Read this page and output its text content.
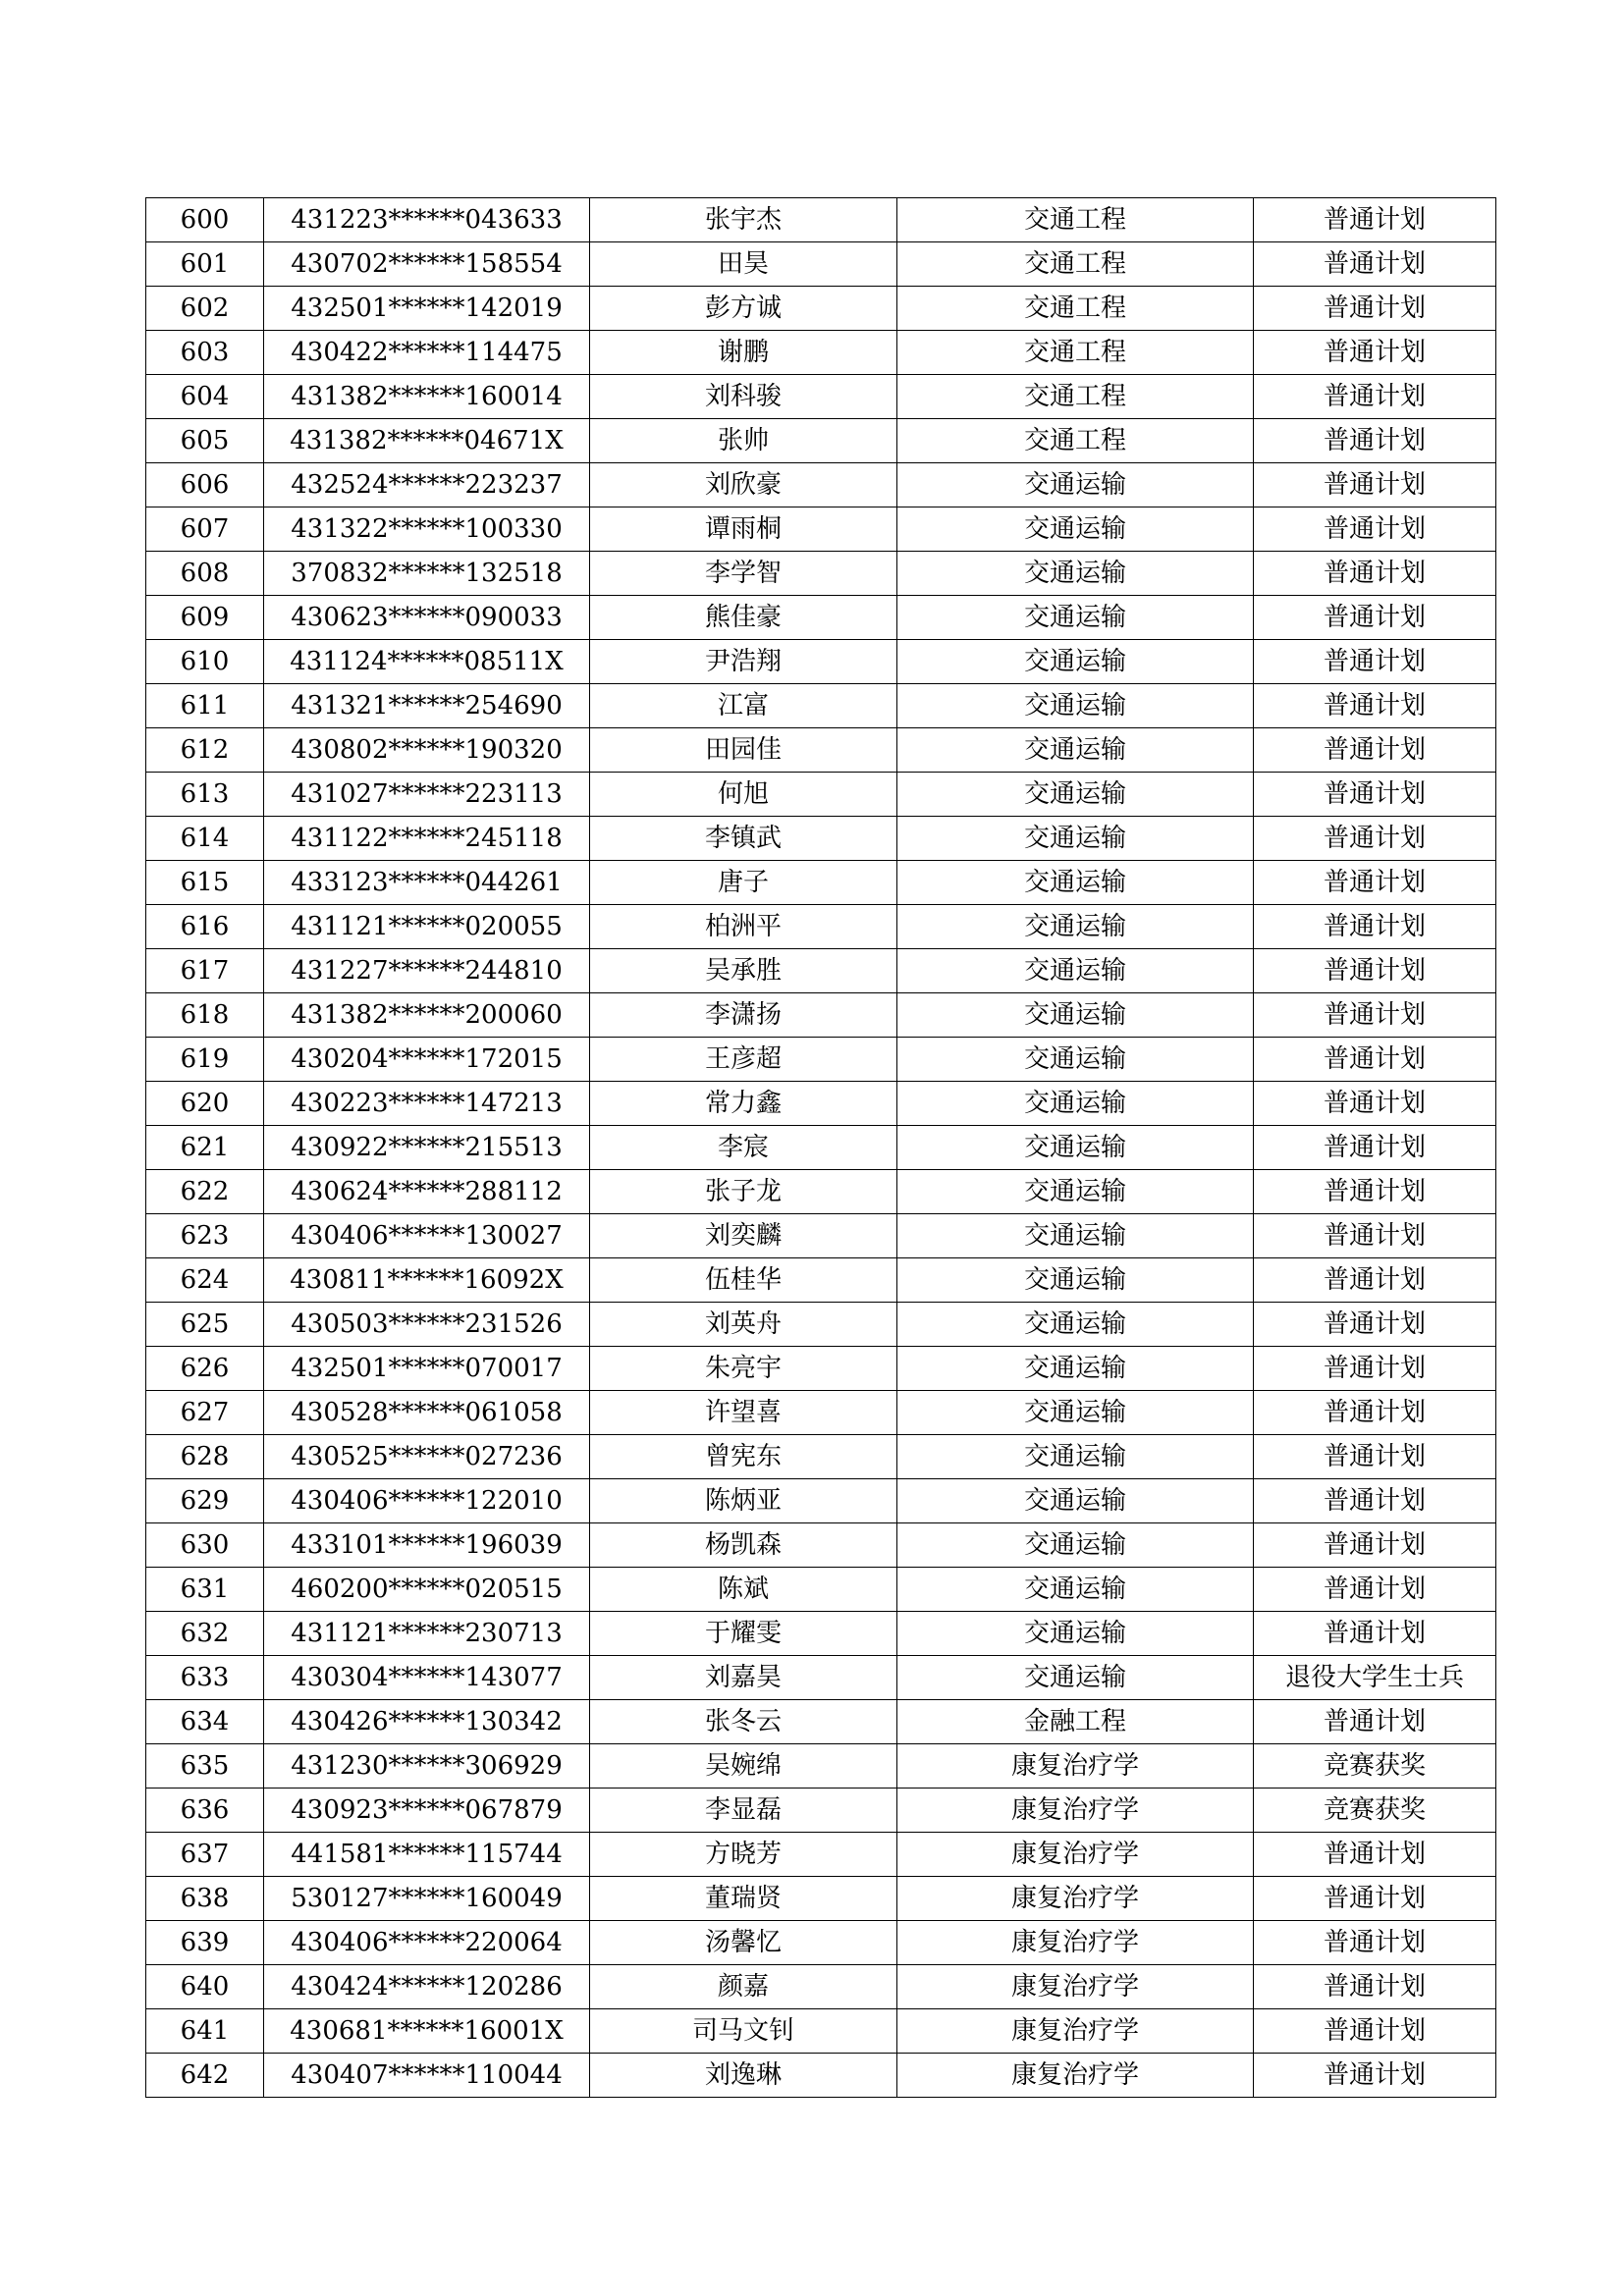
600	431223******043633	张宇杰	交通工程	普通计划
601	430702******158554	田昊	交通工程	普通计划
602	432501******142019	彭方诚	交通工程	普通计划
603	430422******114475	谢鹏	交通工程	普通计划
604	431382******160014	刘科骏	交通工程	普通计划
605	431382******04671X	张帅	交通工程	普通计划
606	432524******223237	刘欣豪	交通运输	普通计划
607	431322******100330	谭雨桐	交通运输	普通计划
608	370832******132518	李学智	交通运输	普通计划
609	430623******090033	熊佳豪	交通运输	普通计划
610	431124******08511X	尹浩翔	交通运输	普通计划
611	431321******254690	江富	交通运输	普通计划
612	430802******190320	田园佳	交通运输	普通计划
613	431027******223113	何旭	交通运输	普通计划
614	431122******245118	李镇武	交通运输	普通计划
615	433123******044261	唐子	交通运输	普通计划
616	431121******020055	柏洲平	交通运输	普通计划
617	431227******244810	吴承胜	交通运输	普通计划
618	431382******200060	李潇扬	交通运输	普通计划
619	430204******172015	王彦超	交通运输	普通计划
620	430223******147213	常力鑫	交通运输	普通计划
621	430922******215513	李宸	交通运输	普通计划
622	430624******288112	张子龙	交通运输	普通计划
623	430406******130027	刘奕麟	交通运输	普通计划
624	430811******16092X	伍桂华	交通运输	普通计划
625	430503******231526	刘英舟	交通运输	普通计划
626	432501******070017	朱亮宇	交通运输	普通计划
627	430528******061058	许望喜	交通运输	普通计划
628	430525******027236	曾宪东	交通运输	普通计划
629	430406******122010	陈炳亚	交通运输	普通计划
630	433101******196039	杨凯森	交通运输	普通计划
631	460200******020515	陈斌	交通运输	普通计划
632	431121******230713	于耀雯	交通运输	普通计划
633	430304******143077	刘嘉昊	交通运输	退役大学生士兵
634	430426******130342	张冬云	金融工程	普通计划
635	431230******306929	吴婉绵	康复治疗学	竞赛获奖
636	430923******067879	李显磊	康复治疗学	竞赛获奖
637	441581******115744	方晓芳	康复治疗学	普通计划
638	530127******160049	董瑞贤	康复治疗学	普通计划
639	430406******220064	汤馨忆	康复治疗学	普通计划
640	430424******120286	颜嘉	康复治疗学	普通计划
641	430681******16001X	司马文钊	康复治疗学	普通计划
642	430407******110044	刘逸琳	康复治疗学	普通计划
